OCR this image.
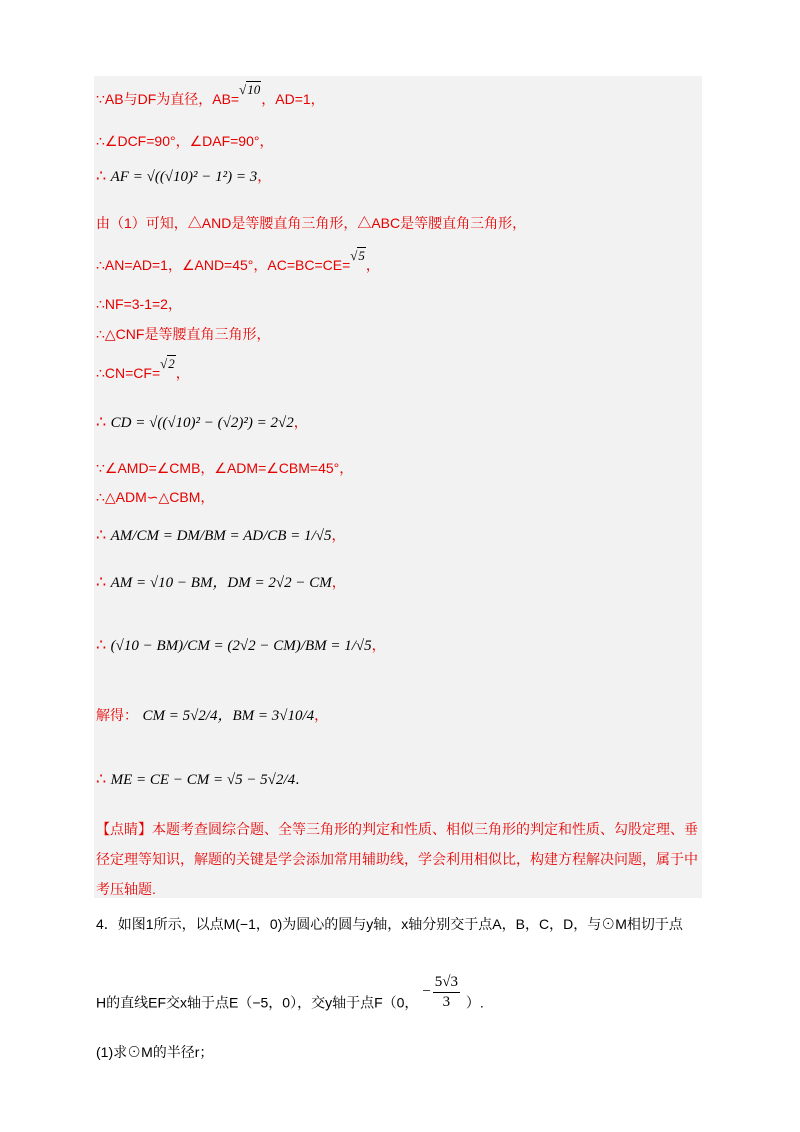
∵AB与DF为直径，AB=√10，AD=1，
∴∠DCF=90°，∠DAF=90°，
∴ AF = √((√10)² − 1²) = 3，
由（1）可知，△AND是等腰直角三角形，△ABC是等腰直角三角形，
∴AN=AD=1，∠AND=45°，AC=BC=CE=√5，
∴NF=3-1=2，
∴△CNF是等腰直角三角形，
∴CN=CF=√2，
∴ CD = √((√10)² − (√2)²) = 2√2，
∵∠AMD=∠CMB，∠ADM=∠CBM=45°，
∴△ADM∽△CBM，
∴ AM/CM = DM/BM = AD/CB = 1/√5，
∴ AM = √10 − BM，DM = 2√2 − CM，
∴ (√10 − BM)/CM = (2√2 − CM)/BM = 1/√5，
解得： CM = 5√2/4，BM = 3√10/4，
∴ ME = CE − CM = √5 − 5√2/4.
【点睛】本题考查圆综合题、全等三角形的判定和性质、相似三角形的判定和性质、勾股定理、垂径定理等知识，解题的关键是学会添加常用辅助线，学会利用相似比，构建方程解决问题，属于中考压轴题.
4．如图1所示，以点M(−1，0)为圆心的圆与y轴，x轴分别交于点A，B，C，D，与⊙M相切于点
H的直线EF交x轴于点E（−5，0），交y轴于点F（0， − $\frac{5√3}{3}$ ）.
(1)求⊙M的半径r；
